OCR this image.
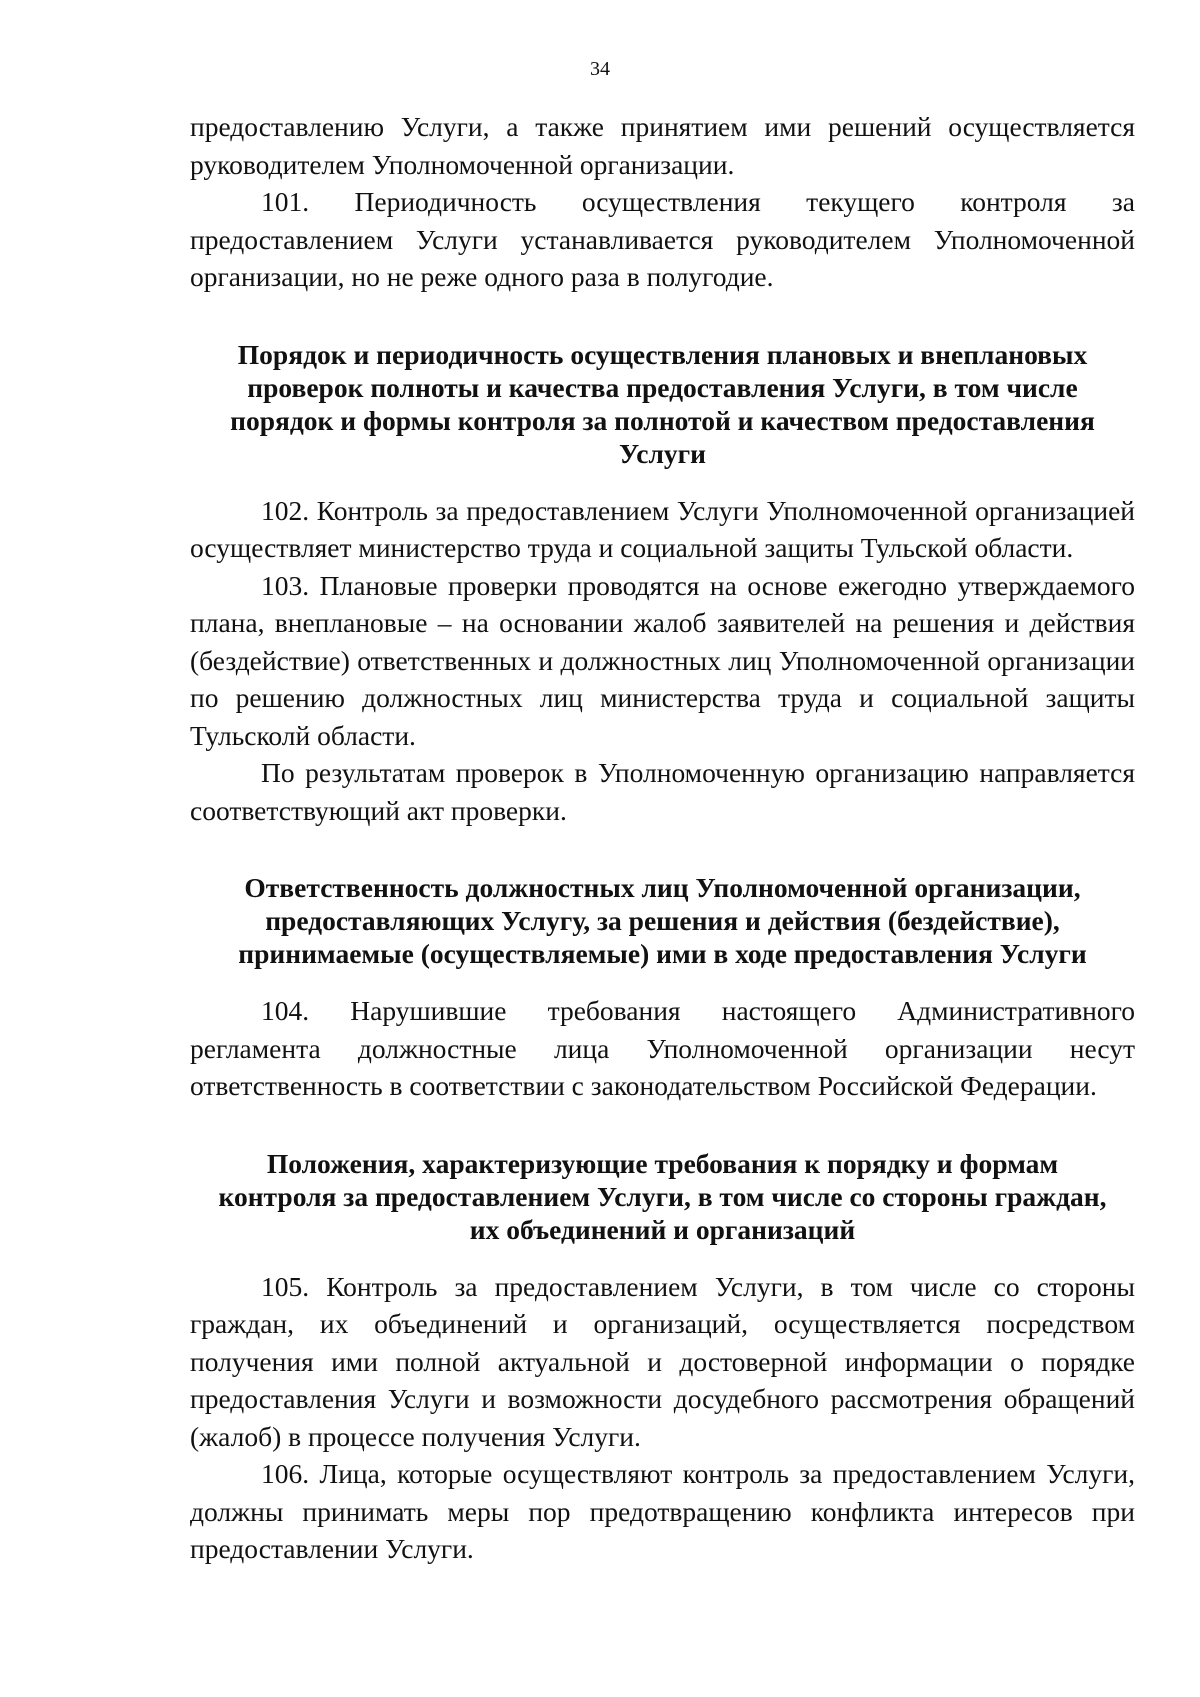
34

предоставлению Услуги, а также принятием ими решений осуществляется руководителем Уполномоченной организации.

101. Периодичность осуществления текущего контроля за предоставлением Услуги устанавливается руководителем Уполномоченной организации, но не реже одного раза в полугодие.

Порядок и периодичность осуществления плановых и внеплановых
проверок полноты и качества предоставления Услуги, в том числе
порядок и формы контроля за полнотой и качеством предоставления
Услуги

102. Контроль за предоставлением Услуги Уполномоченной организацией осуществляет министерство труда и социальной защиты Тульской области.

103. Плановые проверки проводятся на основе ежегодно утверждаемого плана, внеплановые – на основании жалоб заявителей на решения и действия (бездействие) ответственных и должностных лиц Уполномоченной организации по решению должностных лиц министерства труда и социальной защиты Тульсколй области.

По результатам проверок в Уполномоченную организацию направляется соответствующий акт проверки.

Ответственность должностных лиц Уполномоченной организации,
предоставляющих Услугу, за решения и действия (бездействие),
принимаемые (осуществляемые) ими в ходе предоставления Услуги

104. Нарушившие требования настоящего Административного регламента должностные лица Уполномоченной организации несут ответственность в соответствии с законодательством Российской Федерации.

Положения, характеризующие требования к порядку и формам
контроля за предоставлением Услуги, в том числе со стороны граждан,
их объединений и организаций

105. Контроль за предоставлением Услуги, в том числе со стороны граждан, их объединений и организаций, осуществляется посредством получения ими полной актуальной и достоверной информации о порядке предоставления Услуги и возможности досудебного рассмотрения обращений (жалоб) в процессе получения Услуги.

106. Лица, которые осуществляют контроль за предоставлением Услуги, должны принимать меры пор предотвращению конфликта интересов при предоставлении Услуги.
